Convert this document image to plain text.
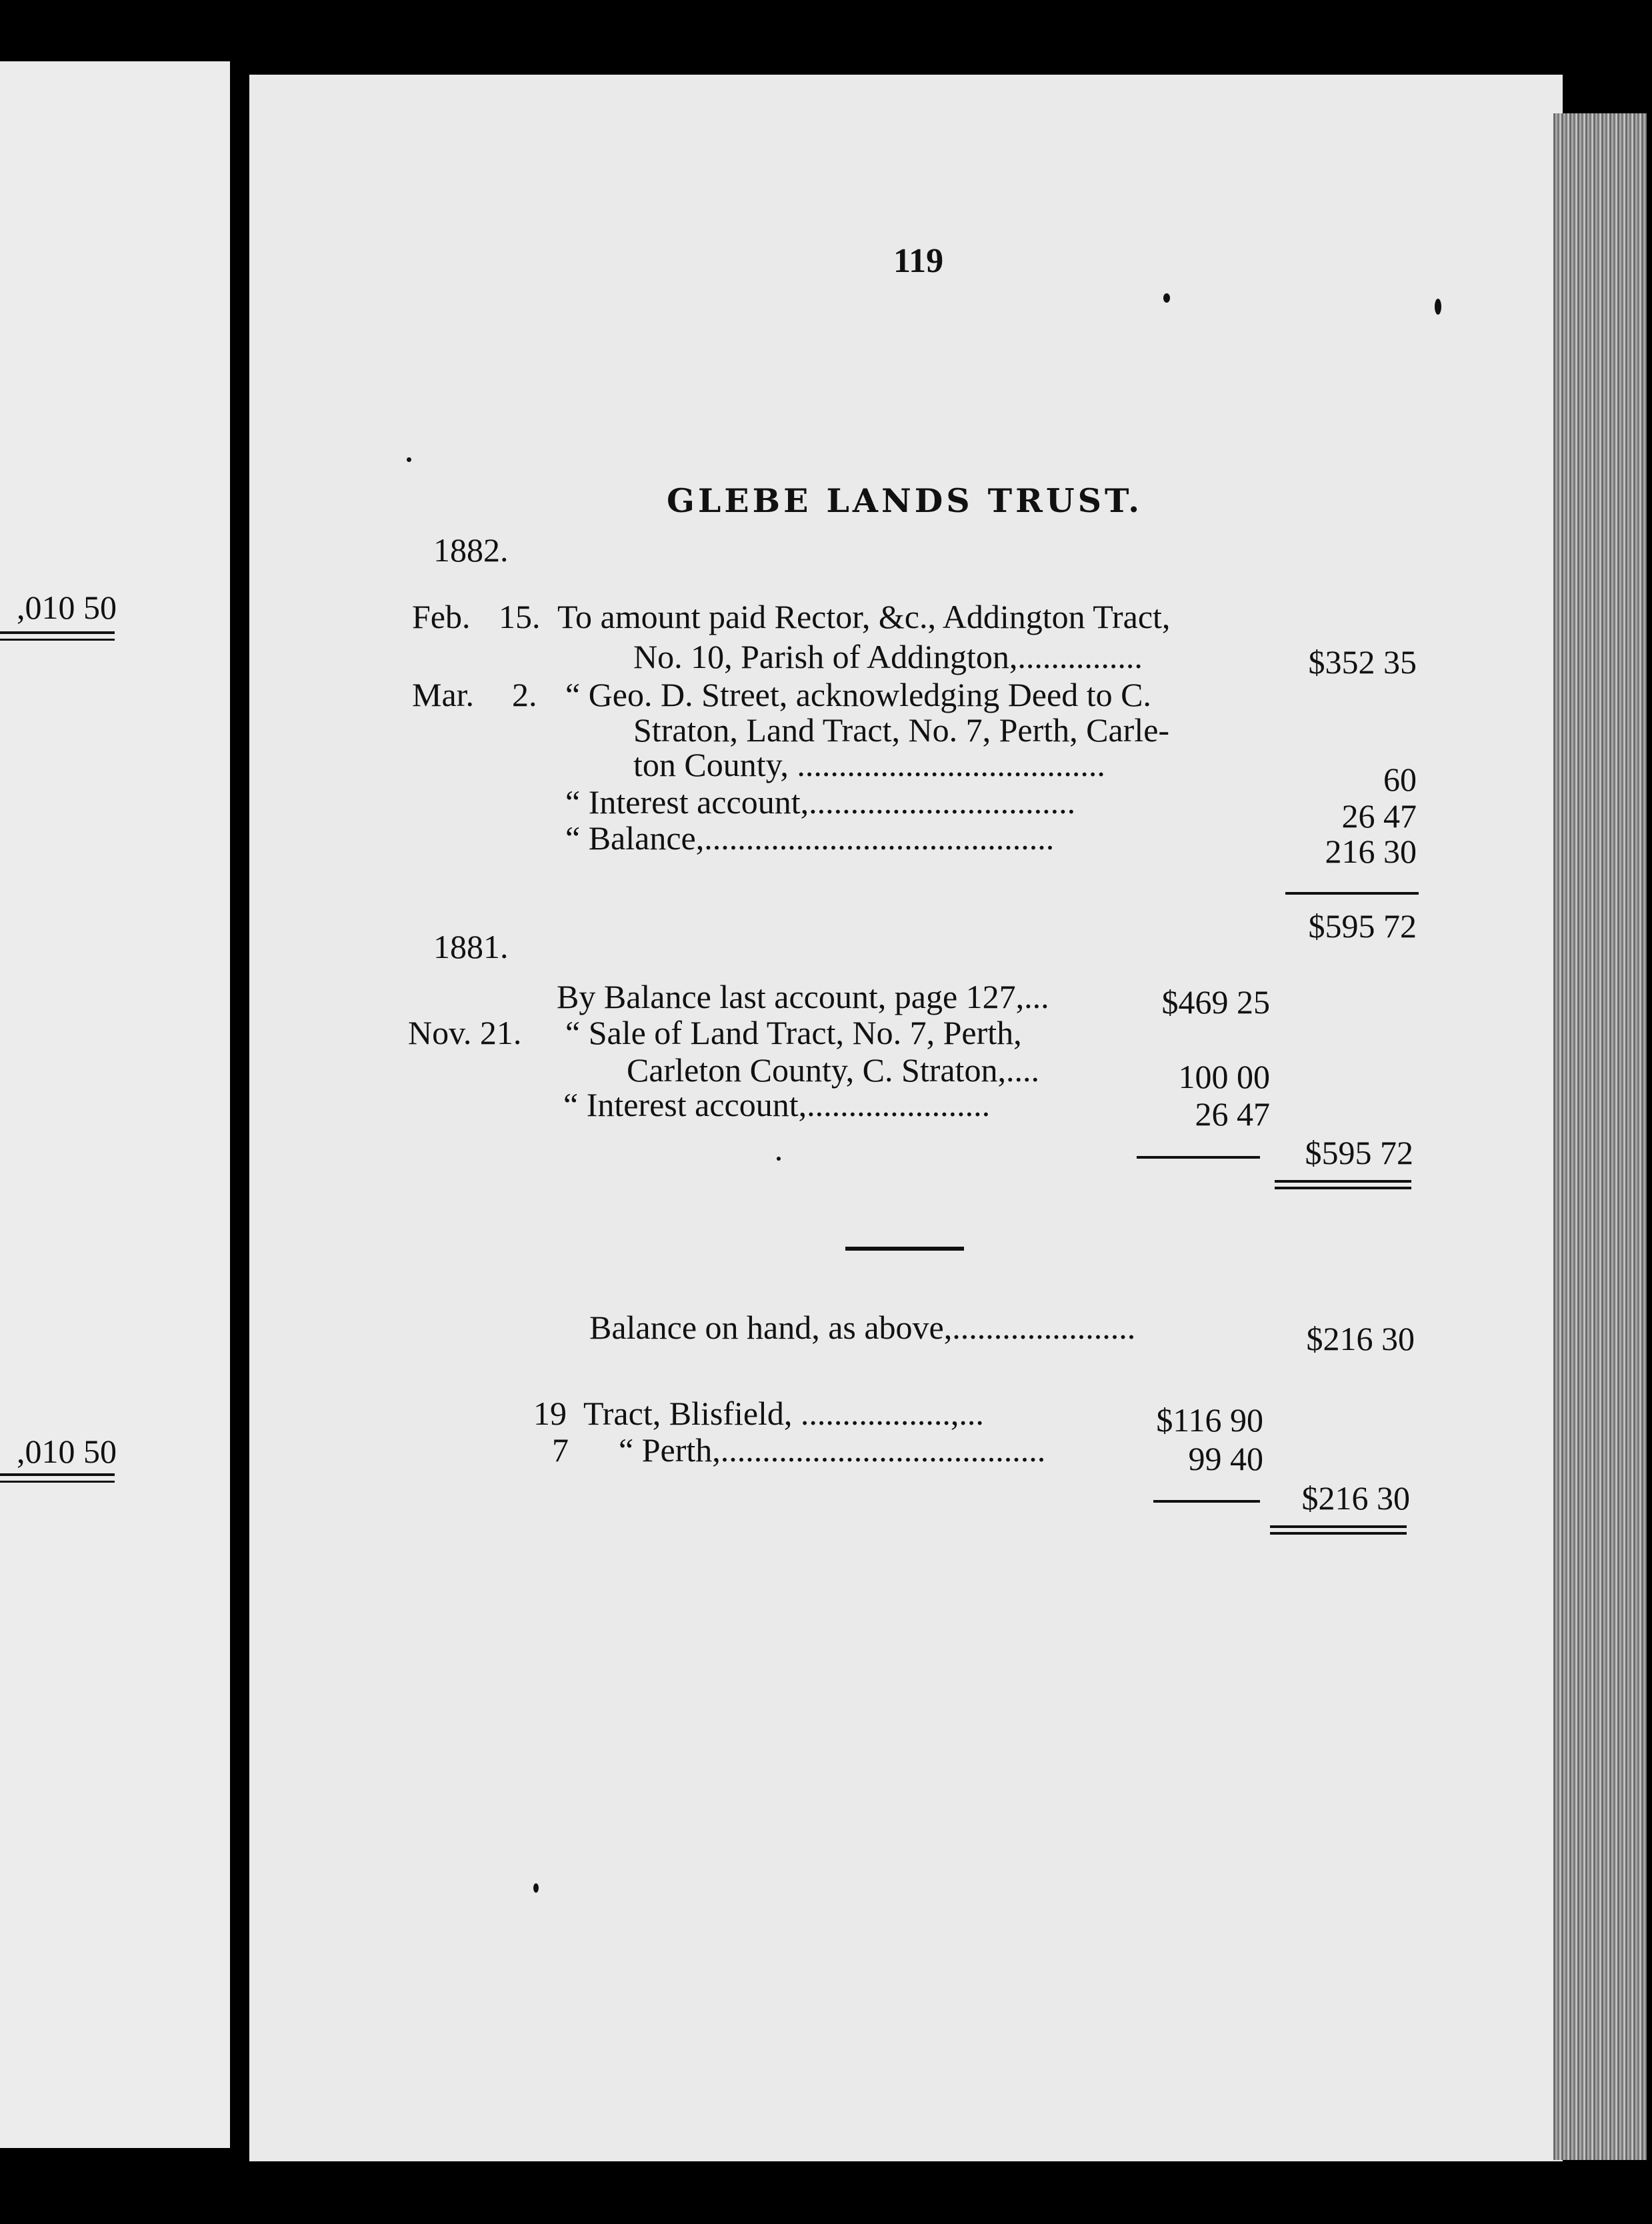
,010 50
,010 50
119
GLEBE LANDS TRUST.
1882.
Feb. 15. To amount paid Rector, &c., Addington Tract,
No. 10, Parish of Addington,...............	$352 35
Mar. 2. “ Geo. D. Street, acknowledging Deed to C.
Straton, Land Tract, No. 7, Perth, Carle-
ton County, .....................................	60
“ Interest account,................................	26 47
“ Balance,..........................................	216 30
$595 72
1881.
By Balance last account, page 127,...	$469 25
Nov. 21. “ Sale of Land Tract, No. 7, Perth,
Carleton County, C. Straton,....	100 00
“ Interest account,......................	26 47
$595 72
Balance on hand, as above,......................	$216 30
19 Tract, Blisfield, ..................,...	$116 90
7 “ Perth,.......................................	99 40
$216 30
